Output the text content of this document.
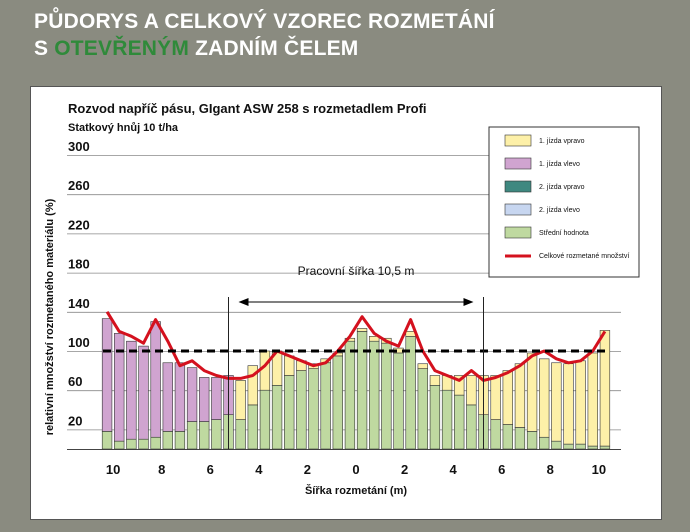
PŮDORYS A CELKOVÝ VZOREC ROZMETÁNÍ
S OTEVŘENÝM ZADNÍM ČELEM
Rozvod napříč pásu, GIgant ASW 258 s rozmetadlem Profi
Statkový hnůj 10 t/ha
20
60
100
140
180
220
260
300
Pracovní šířka 10,5 m
10	8	6	4	2	0	2	4	6	8	10
Šířka rozmetání (m)
relativní množství rozmetaného materiálu (%)
1. jízda vpravo
1. jízda vlevo
2. jízda vpravo
2. jízda vlevo
Střední hodnota
Celkové rozmetané množství
